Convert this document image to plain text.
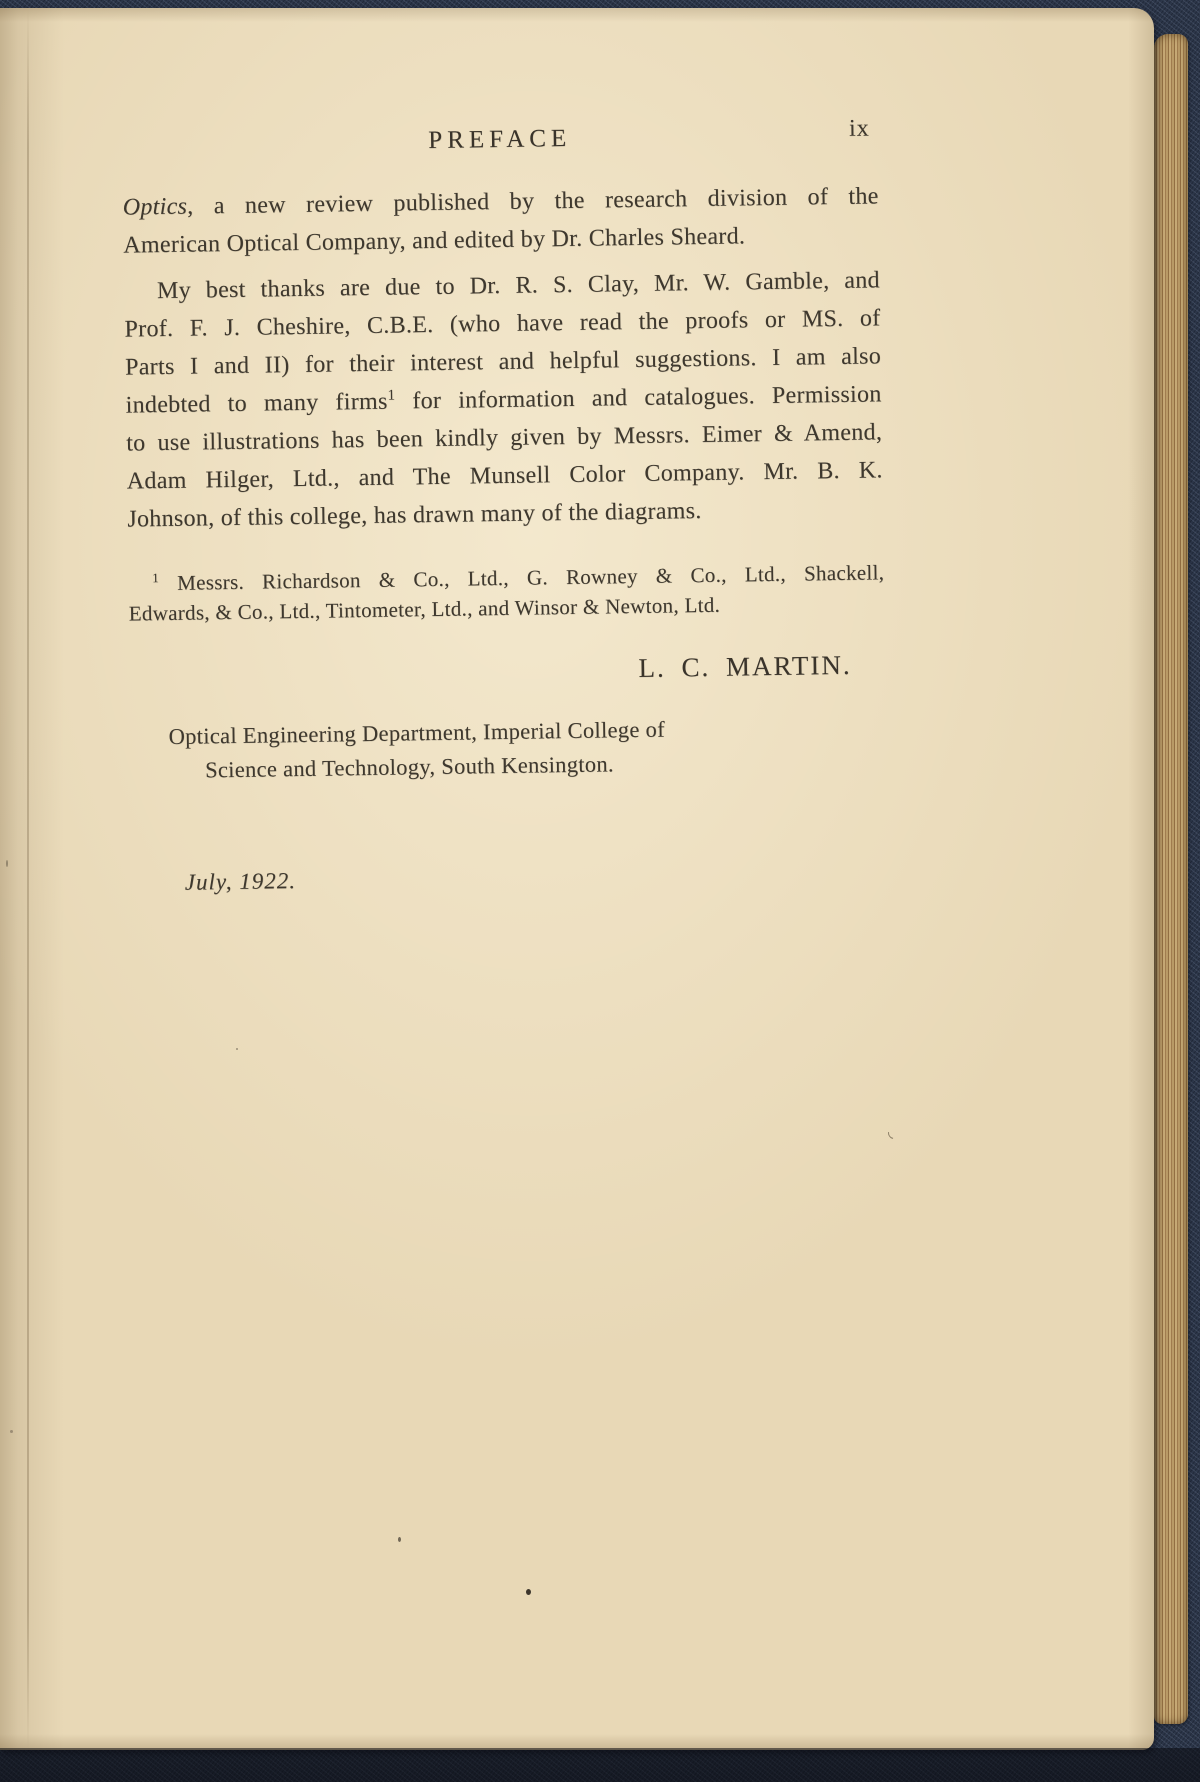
PREFACE	ix
Optics, a new review published by the research division of the
American Optical Company, and edited by Dr. Charles Sheard.
My best thanks are due to Dr. R. S. Clay, Mr. W. Gamble, and
Prof. F. J. Cheshire, C.B.E. (who have read the proofs or MS. of
Parts I and II) for their interest and helpful suggestions. I am also
indebted to many firms$^1$ for information and catalogues. Permission
to use illustrations has been kindly given by Messrs. Eimer & Amend,
Adam Hilger, Ltd., and The Munsell Color Company. Mr. B. K.
Johnson, of this college, has drawn many of the diagrams.
$^1$ Messrs. Richardson & Co., Ltd., G. Rowney & Co., Ltd., Shackell,
Edwards, & Co., Ltd., Tintometer, Ltd., and Winsor & Newton, Ltd.
L. C. MARTIN.
Optical Engineering Department, Imperial College of
Science and Technology, South Kensington.
July, 1922.
